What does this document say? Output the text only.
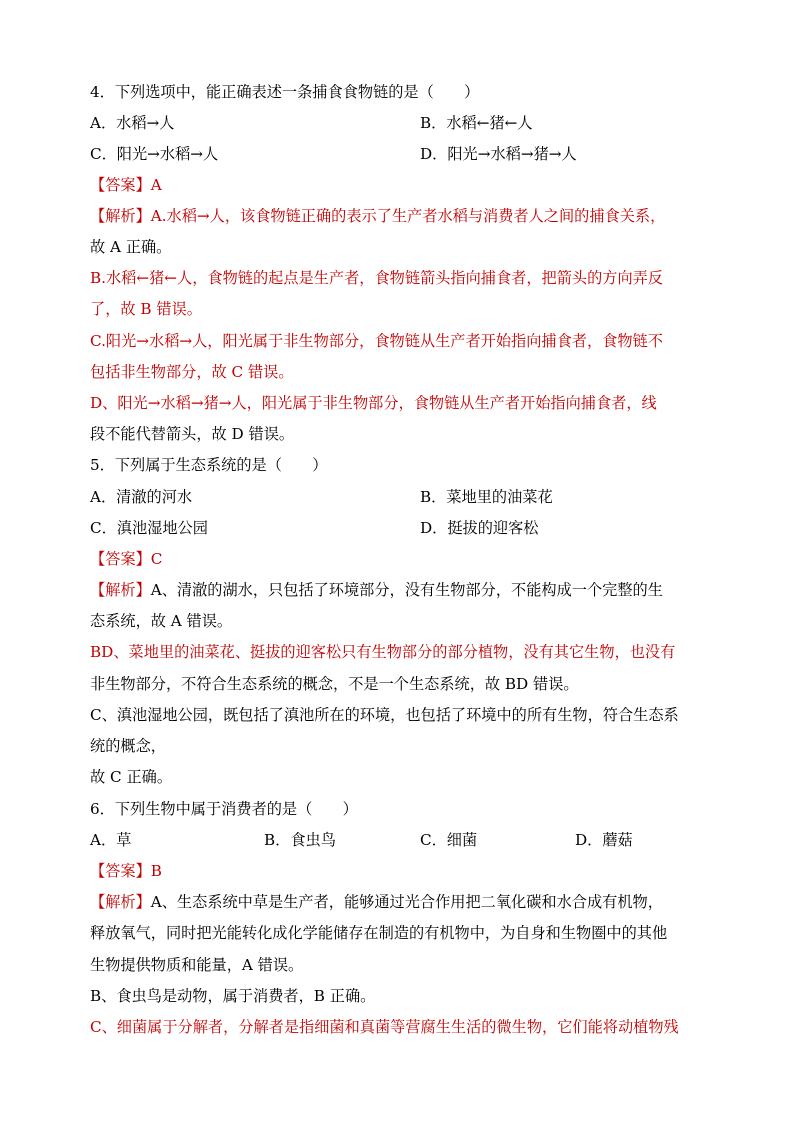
4．下列选项中，能正确表述一条捕食食物链的是（　　）
A．水稻→人	B．水稻←猪←人
C．阳光→水稻→人	D．阳光→水稻→猪→人
【答案】A
【解析】A.水稻→人，该食物链正确的表示了生产者水稻与消费者人之间的捕食关系，
故 A 正确。
B.水稻←猪←人，食物链的起点是生产者，食物链箭头指向捕食者，把箭头的方向弄反
了，故 B 错误。
C.阳光→水稻→人，阳光属于非生物部分，食物链从生产者开始指向捕食者，食物链不
包括非生物部分，故 C 错误。
D、阳光→水稻→猪→人，阳光属于非生物部分，食物链从生产者开始指向捕食者，线
段不能代替箭头，故 D 错误。
5．下列属于生态系统的是（　　）
A．清澈的河水	B．菜地里的油菜花
C．滇池湿地公园	D．挺拔的迎客松
【答案】C
【解析】A、清澈的湖水，只包括了环境部分，没有生物部分，不能构成一个完整的生
态系统，故 A 错误。
BD、菜地里的油菜花、挺拔的迎客松只有生物部分的部分植物，没有其它生物，也没有
非生物部分，不符合生态系统的概念，不是一个生态系统，故 BD 错误。
C、滇池湿地公园，既包括了滇池所在的环境，也包括了环境中的所有生物，符合生态系
统的概念，
故 C 正确。
6．下列生物中属于消费者的是（　　）
A．草	B．食虫鸟	C．细菌	D．蘑菇
【答案】B
【解析】A、生态系统中草是生产者，能够通过光合作用把二氧化碳和水合成有机物，
释放氧气，同时把光能转化成化学能储存在制造的有机物中，为自身和生物圈中的其他
生物提供物质和能量，A 错误。
B、食虫鸟是动物，属于消费者，B 正确。
C、细菌属于分解者，分解者是指细菌和真菌等营腐生生活的微生物，它们能将动植物残
